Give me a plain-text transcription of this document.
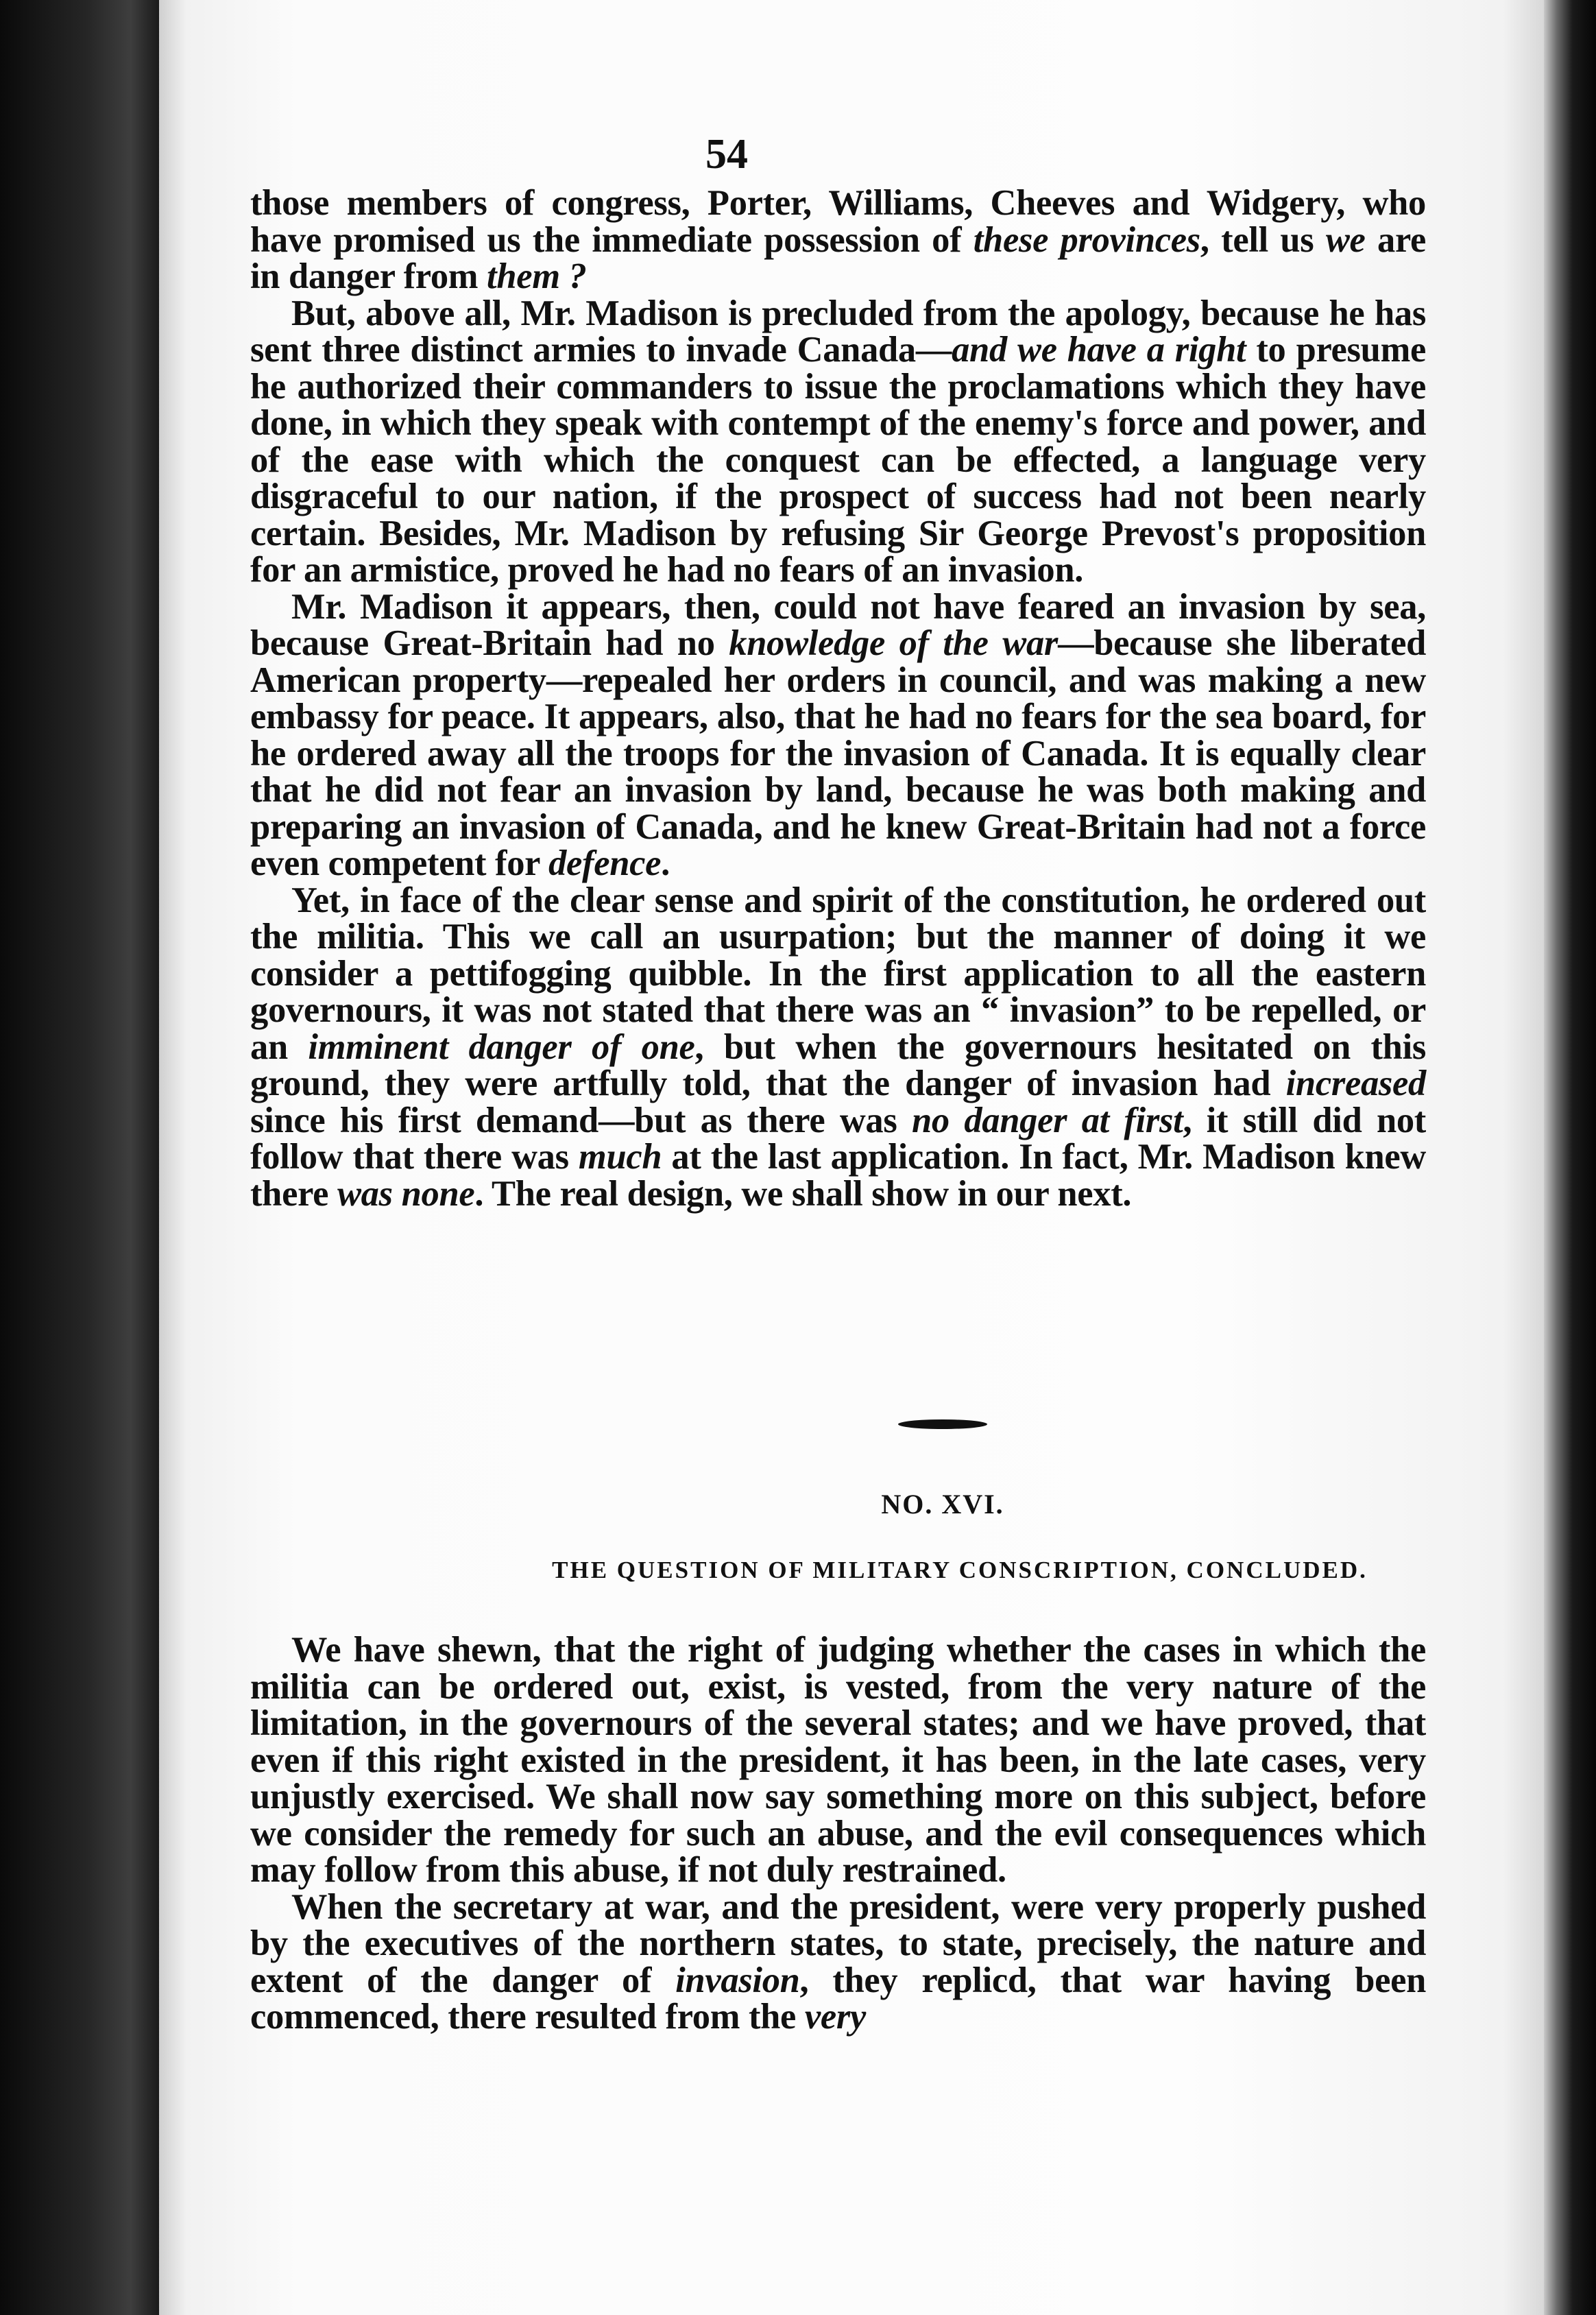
54

those members of congress, Porter, Williams, Cheeves and Widgery, who have promised us the immediate possession of these provinces, tell us we are in danger from them ?

But, above all, Mr. Madison is precluded from the apology, because he has sent three distinct armies to invade Canada—and we have a right to presume he authorized their commanders to issue the proclamations which they have done, in which they speak with contempt of the enemy's force and power, and of the ease with which the conquest can be effected, a language very disgraceful to our nation, if the prospect of success had not been nearly certain. Besides, Mr. Madison by refusing Sir George Prevost's proposition for an armistice, proved he had no fears of an invasion.

Mr. Madison it appears, then, could not have feared an invasion by sea, because Great-Britain had no knowledge of the war—because she liberated American property—repealed her orders in council, and was making a new embassy for peace. It appears, also, that he had no fears for the sea board, for he ordered away all the troops for the invasion of Canada. It is equally clear that he did not fear an invasion by land, because he was both making and preparing an invasion of Canada, and he knew Great-Britain had not a force even competent for defence.

Yet, in face of the clear sense and spirit of the constitution, he ordered out the militia. This we call an usurpation; but the manner of doing it we consider a pettifogging quibble. In the first application to all the eastern governours, it was not stated that there was an “ invasion” to be repelled, or an imminent danger of one, but when the governours hesitated on this ground, they were artfully told, that the danger of invasion had increased since his first demand—but as there was no danger at first, it still did not follow that there was much at the last application. In fact, Mr. Madison knew there was none. The real design, we shall show in our next.

NO. XVI.
THE QUESTION OF MILITARY CONSCRIPTION, CONCLUDED.

We have shewn, that the right of judging whether the cases in which the militia can be ordered out, exist, is vested, from the very nature of the limitation, in the governours of the several states; and we have proved, that even if this right existed in the president, it has been, in the late cases, very unjustly exercised. We shall now say something more on this subject, before we consider the remedy for such an abuse, and the evil consequences which may follow from this abuse, if not duly restrained.

When the secretary at war, and the president, were very properly pushed by the executives of the northern states, to state, precisely, the nature and extent of the danger of invasion, they replicd, that war having been commenced, there resulted from the very
